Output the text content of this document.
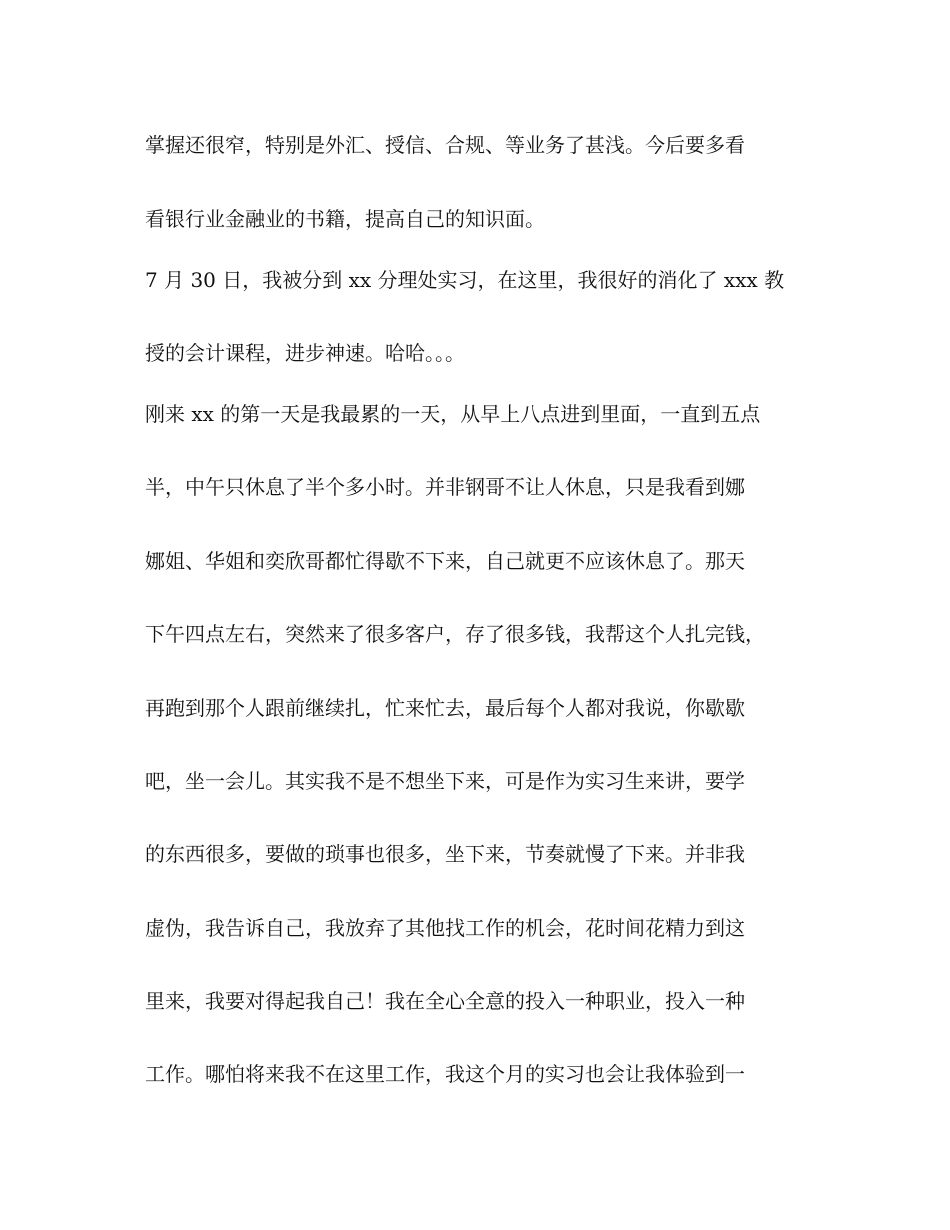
掌握还很窄，特别是外汇、授信、合规、等业务了甚浅。今后要多看

看银行业金融业的书籍，提高自己的知识面。

7 月 30 日，我被分到 xx 分理处实习，在这里，我很好的消化了 xxx 教

授的会计课程，进步神速。哈哈。。。

刚来 xx 的第一天是我最累的一天，从早上八点进到里面，一直到五点

半，中午只休息了半个多小时。并非钢哥不让人休息，只是我看到娜

娜姐、华姐和奕欣哥都忙得歇不下来，自己就更不应该休息了。那天

下午四点左右，突然来了很多客户，存了很多钱，我帮这个人扎完钱，

再跑到那个人跟前继续扎，忙来忙去，最后每个人都对我说，你歇歇

吧，坐一会儿。其实我不是不想坐下来，可是作为实习生来讲，要学

的东西很多，要做的琐事也很多，坐下来，节奏就慢了下来。并非我

虚伪，我告诉自己，我放弃了其他找工作的机会，花时间花精力到这

里来，我要对得起我自己！我在全心全意的投入一种职业，投入一种

工作。哪怕将来我不在这里工作，我这个月的实习也会让我体验到一
